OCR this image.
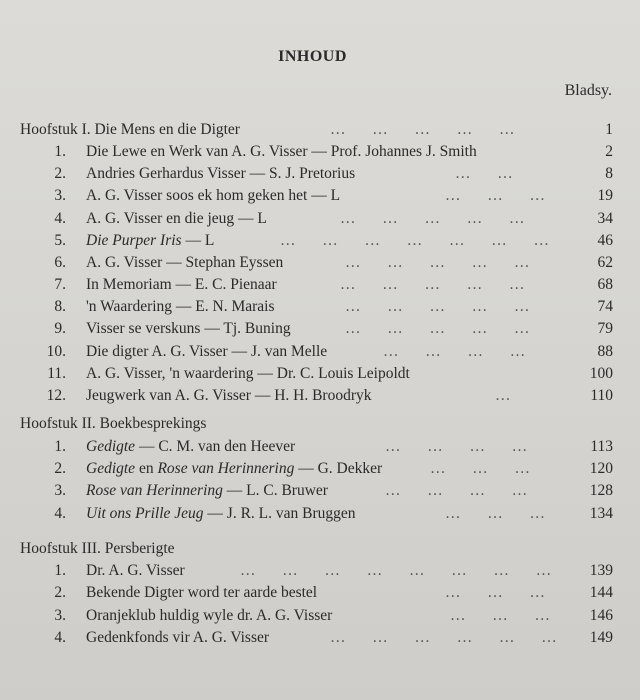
INHOUD
Bladsy.
Hoofstuk I. Die Mens en die Digter	…      …      …      …      …	1
1. Die Lewe en Werk van A. G. Visser — Prof. Johannes J. Smith	2
2. Andries Gerhardus Visser — S. J. Pretorius	…      …	8
3. A. G. Visser soos ek hom geken het — L	…      …      …	19
4. A. G. Visser en die jeug — L	…      …      …      …      …	34
5. Die Purper Iris — L	…      …      …      …      …      …      …	46
6. A. G. Visser — Stephan Eyssen	…      …      …      …      …	62
7. In Memoriam — E. C. Pienaar	…      …      …      …      …	68
8. 'n Waardering — E. N. Marais	…      …      …      …      …	74
9. Visser se verskuns — Tj. Buning	…      …      …      …      …	79
10. Die digter A. G. Visser — J. van Melle	…      …      …      …	88
11. A. G. Visser, 'n waardering — Dr. C. Louis Leipoldt	100
12. Jeugwerk van A. G. Visser — H. H. Broodryk	…	110
Hoofstuk II. Boekbesprekings
1. Gedigte — C. M. van den Heever	…      …      …      …	113
2. Gedigte en Rose van Herinnering — G. Dekker	…      …      …	120
3. Rose van Herinnering — L. C. Bruwer	…      …      …      …	128
4. Uit ons Prille Jeug — J. R. L. van Bruggen	…      …      …	134
Hoofstuk III. Persberigte
1. Dr. A. G. Visser	…      …      …      …      …      …      …      …	139
2. Bekende Digter word ter aarde bestel	…      …      …	144
3. Oranjeklub huldig wyle dr. A. G. Visser	…      …      …	146
4. Gedenkfonds vir A. G. Visser	…      …      …      …      …      …	149
